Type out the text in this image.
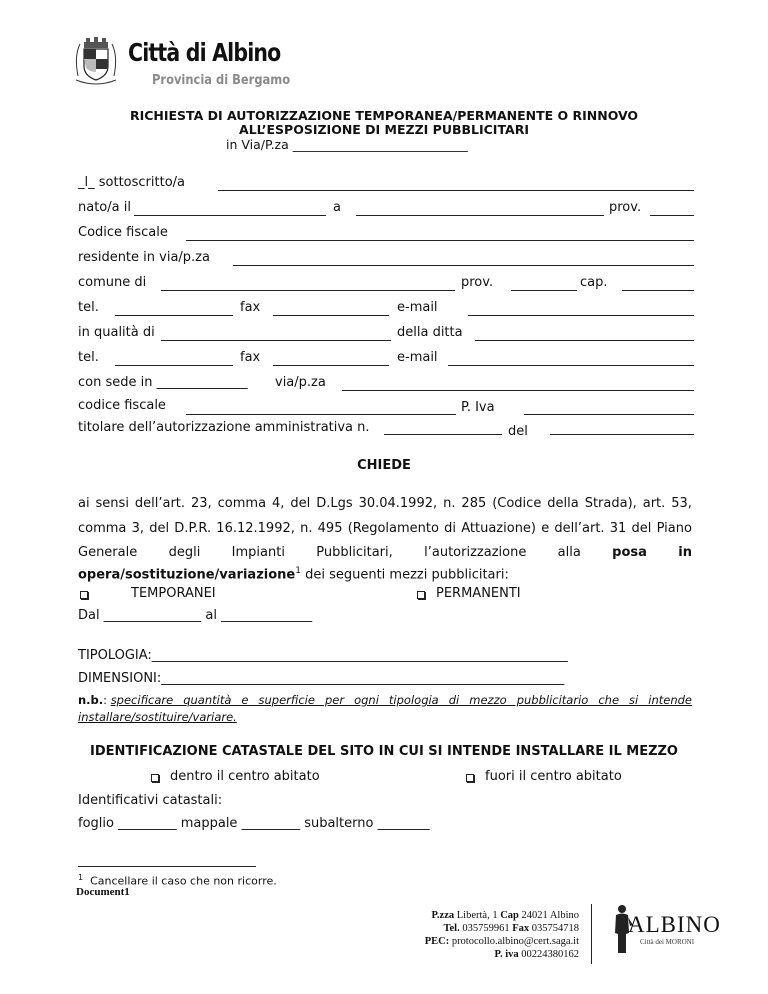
Città di Albino
Provincia di Bergamo
RICHIESTA DI AUTORIZZAZIONE TEMPORANEA/PERMANENTE O RINNOVO
ALL’ESPOSIZIONE DI MEZZI PUBBLICITARI
in Via/P.za ____________________________
_l_ sottoscritto/a
nato/a il	a	prov.
Codice fiscale
residente in via/p.za
comune di	prov.	cap.
tel.	fax	e-mail
in qualità di	della ditta
tel.	fax	e-mail
con sede in ______________ via/p.za
codice fiscale	P. Iva
titolare dell’autorizzazione amministrativa n.	del
CHIEDE
ai sensi dell’art. 23, comma 4, del D.Lgs 30.04.1992, n. 285 (Codice della Strada), art. 53,
comma 3, del D.P.R. 16.12.1992, n. 495 (Regolamento di Attuazione) e dell’art. 31 del Piano
Generale degli Impianti Pubblicitari, l’autorizzazione alla posa in
opera/sostituzione/variazione$^1$ dei seguenti mezzi pubblicitari:
TEMPORANEI	PERMANENTI
Dal _______________ al ______________
TIPOLOGIA:________________________________________________________________
DIMENSIONI:______________________________________________________________
n.b. : specificare quantità e superficie per ogni tipologia di mezzo pubblicitario che si intende
installare/sostituire/variare.
IDENTIFICAZIONE CATASTALE DEL SITO IN CUI SI INTENDE INSTALLARE IL MEZZO
dentro il centro abitato	fuori il centro abitato
Identificativi catastali:
foglio _________ mappale _________ subalterno ________
$^1$ Cancellare il caso che non ricorre.
Document1
P.zza Libertà, 1 Cap 24021 Albino
Tel. 035759961 Fax 035754718
PEC: protocollo.albino@cert.saga.it
P. iva 00224380162
ALBINO
Città dei MORONI
